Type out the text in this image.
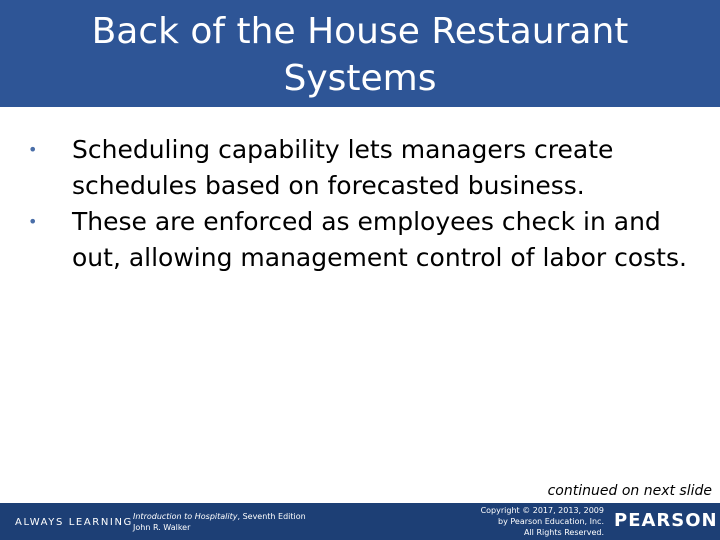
Back of the House Restaurant Systems
•	Scheduling capability lets managers create schedules based on forecasted business.
•	These are enforced as employees check in and out, allowing management control of labor costs.
continued on next slide
ALWAYS LEARNING
Introduction to Hospitality, Seventh Edition
John R. Walker
Copyright © 2017, 2013, 2009
by Pearson Education, Inc.
All Rights Reserved.
PEARSON
